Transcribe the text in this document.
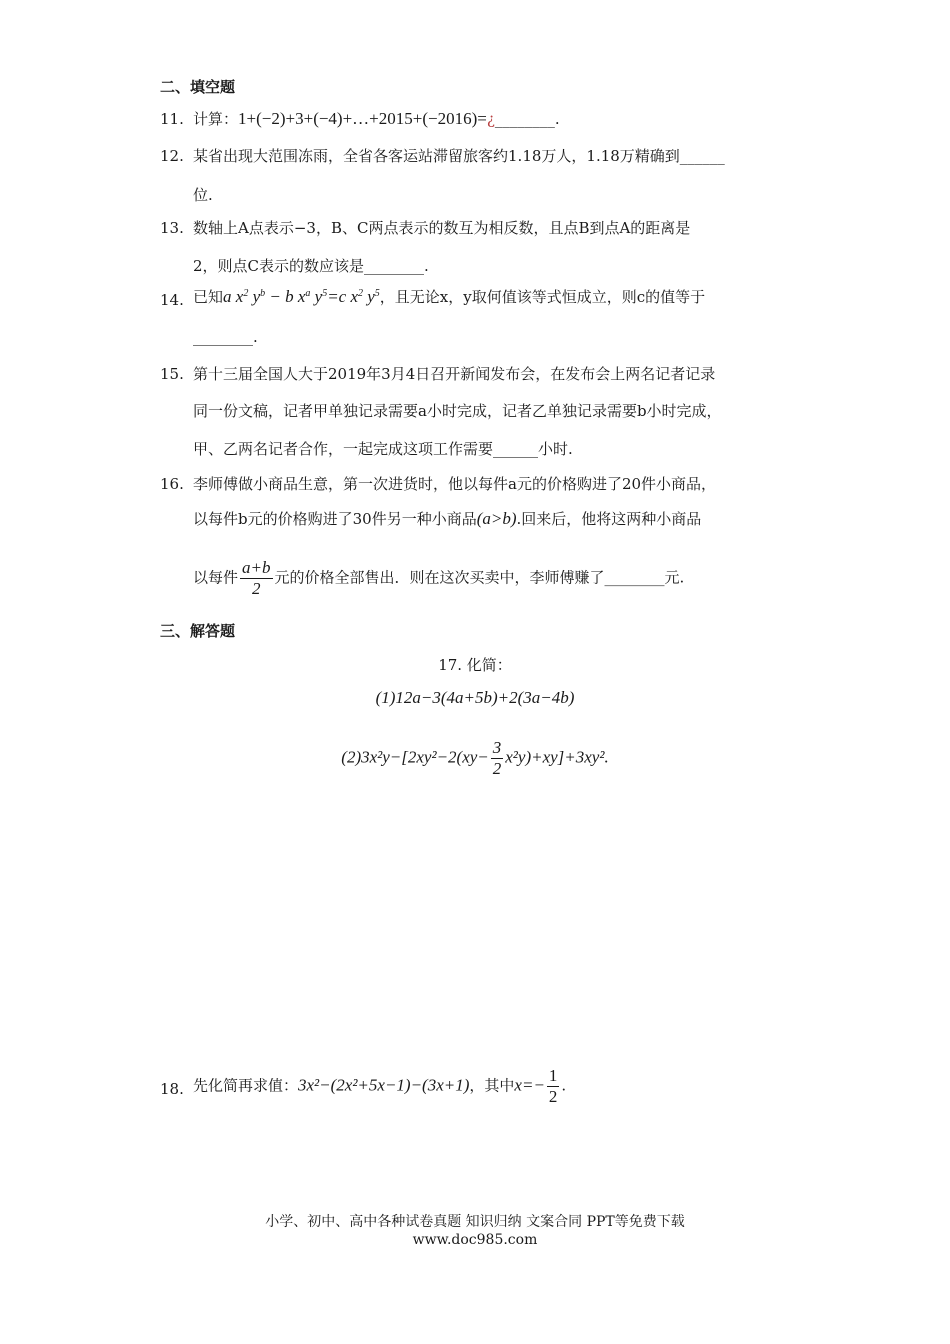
二、填空题
11. 计算：1+(−2)+3+(−4)+…+2015+(−2016)=¿________.
12. 某省出现大范围冻雨，全省各客运站滞留旅客约1.18万人，1.18万精确到______
位.
13. 数轴上A点表示−3，B、C两点表示的数互为相反数，且点B到点A的距离是
2，则点C表示的数应该是________.
14. 已知a $x^2$ $y^b - b$ $x^a$ $y^5=c$ $x^2$ $y^5$，且无论x，y取何值该等式恒成立，则c的值等于
________.
15. 第十三届全国人大于2019年3月4日召开新闻发布会，在发布会上两名记者记录
同一份文稿，记者甲单独记录需要a小时完成，记者乙单独记录需要b小时完成，
甲、乙两名记者合作，一起完成这项工作需要______小时.
16. 李师傅做小商品生意，第一次进货时，他以每件a元的价格购进了20件小商品，
以每件b元的价格购进了30件另一种小商品(a>b).回来后，他将这两种小商品
以每件 $\frac{a+b}{2}$ 元的价格全部售出．则在这次买卖中，李师傅赚了________元.
三、解答题
17. 化简：
(1)12a−3(4a+5b)+2(3a−4b)
$(2)3x^2y-[2xy^2-2(xy- \frac{3}{2} x^2y)+xy]+3xy^2$.
18. 先化简再求值：3x²−(2x²+5x−1)−(3x+1)，其中$x=- \frac{1}{2}$ .
小学、初中、高中各种试卷真题 知识归纳 文案合同 PPT等免费下载
www.doc985.com
